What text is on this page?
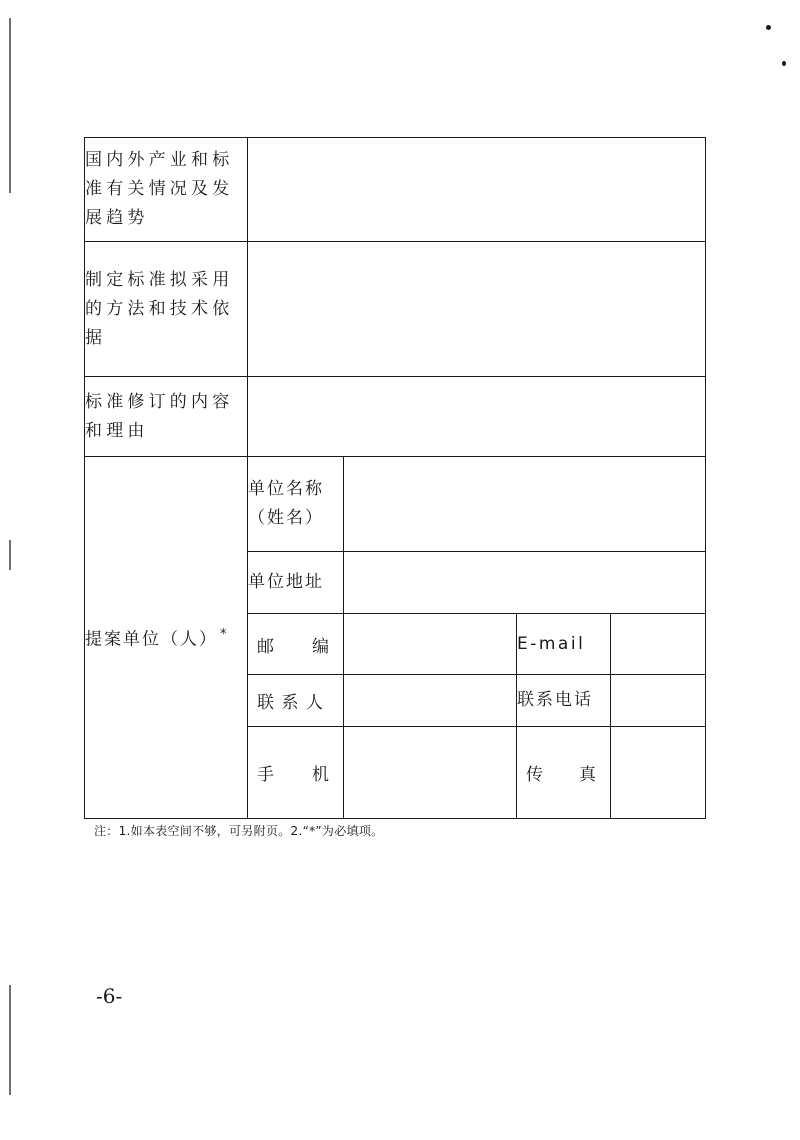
国内外产业和标
准有关情况及发
展趋势				

制定标准拟采用
的方法和技术依
据				

标准修订的内容
和理由				

提案单位（人） *	单位名称
（姓名）			

	单位地址			

	邮 编		E-mail	

	联 系 人		联系电话	

	手 机		传 真	

注：1.如本表空间不够，可另附页。2.“*”为必填项。
-6-
